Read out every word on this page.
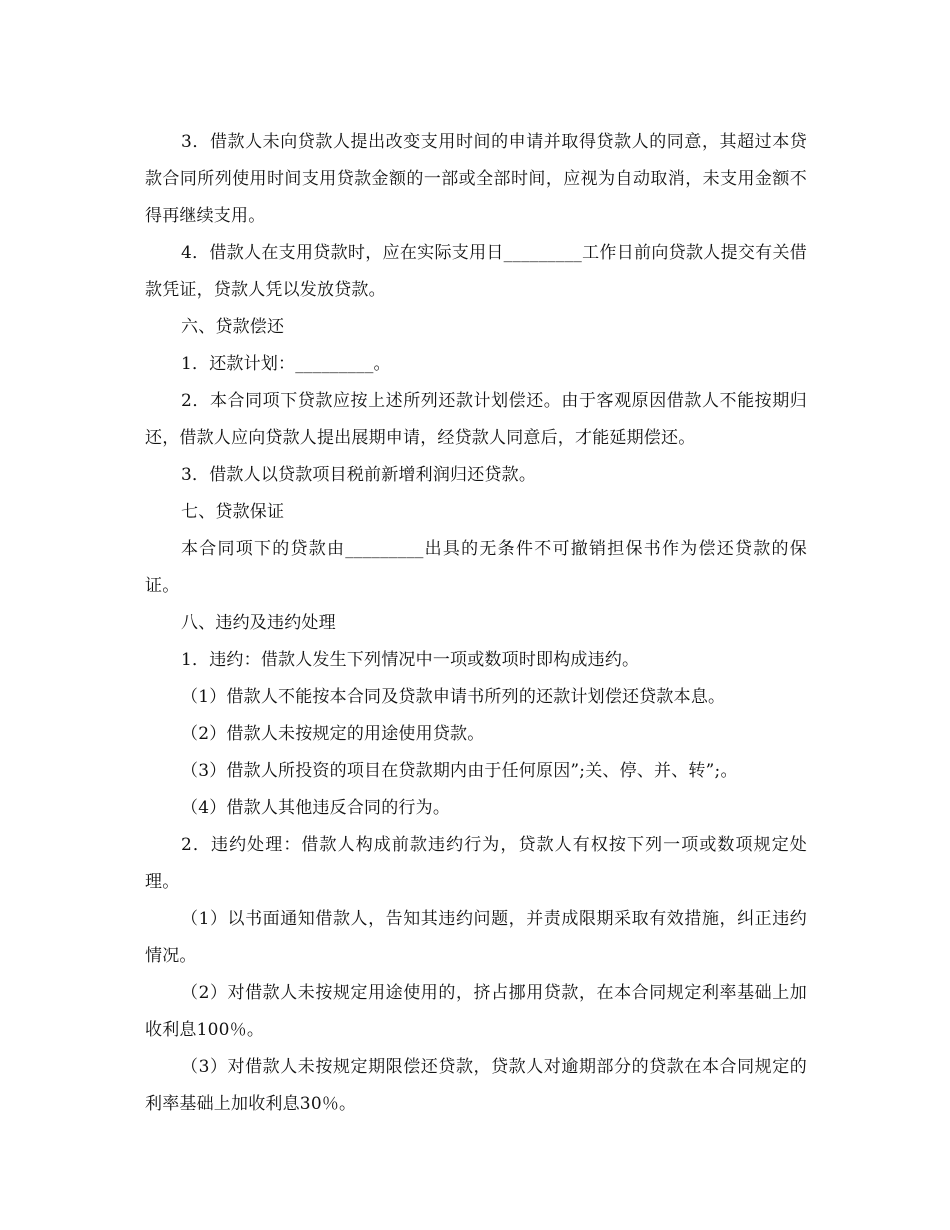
3．借款人未向贷款人提出改变支用时间的申请并取得贷款人的同意，其超过本贷款合同所列使用时间支用贷款金额的一部或全部时间，应视为自动取消，未支用金额不得再继续支用。

4．借款人在支用贷款时，应在实际支用日_________工作日前向贷款人提交有关借款凭证，贷款人凭以发放贷款。

六、贷款偿还

1．还款计划：_________。

2．本合同项下贷款应按上述所列还款计划偿还。由于客观原因借款人不能按期归还，借款人应向贷款人提出展期申请，经贷款人同意后，才能延期偿还。

3．借款人以贷款项目税前新增利润归还贷款。

七、贷款保证

本合同项下的贷款由_________出具的无条件不可撤销担保书作为偿还贷款的保证。

八、违约及违约处理

1．违约：借款人发生下列情况中一项或数项时即构成违约。

（1）借款人不能按本合同及贷款申请书所列的还款计划偿还贷款本息。

（2）借款人未按规定的用途使用贷款。

（3）借款人所投资的项目在贷款期内由于任何原因”;关、停、并、转”;。

（4）借款人其他违反合同的行为。

2．违约处理：借款人构成前款违约行为，贷款人有权按下列一项或数项规定处理。

（1）以书面通知借款人，告知其违约问题，并责成限期采取有效措施，纠正违约情况。

（2）对借款人未按规定用途使用的，挤占挪用贷款，在本合同规定利率基础上加收利息100％。

（3）对借款人未按规定期限偿还贷款，贷款人对逾期部分的贷款在本合同规定的利率基础上加收利息30％。
